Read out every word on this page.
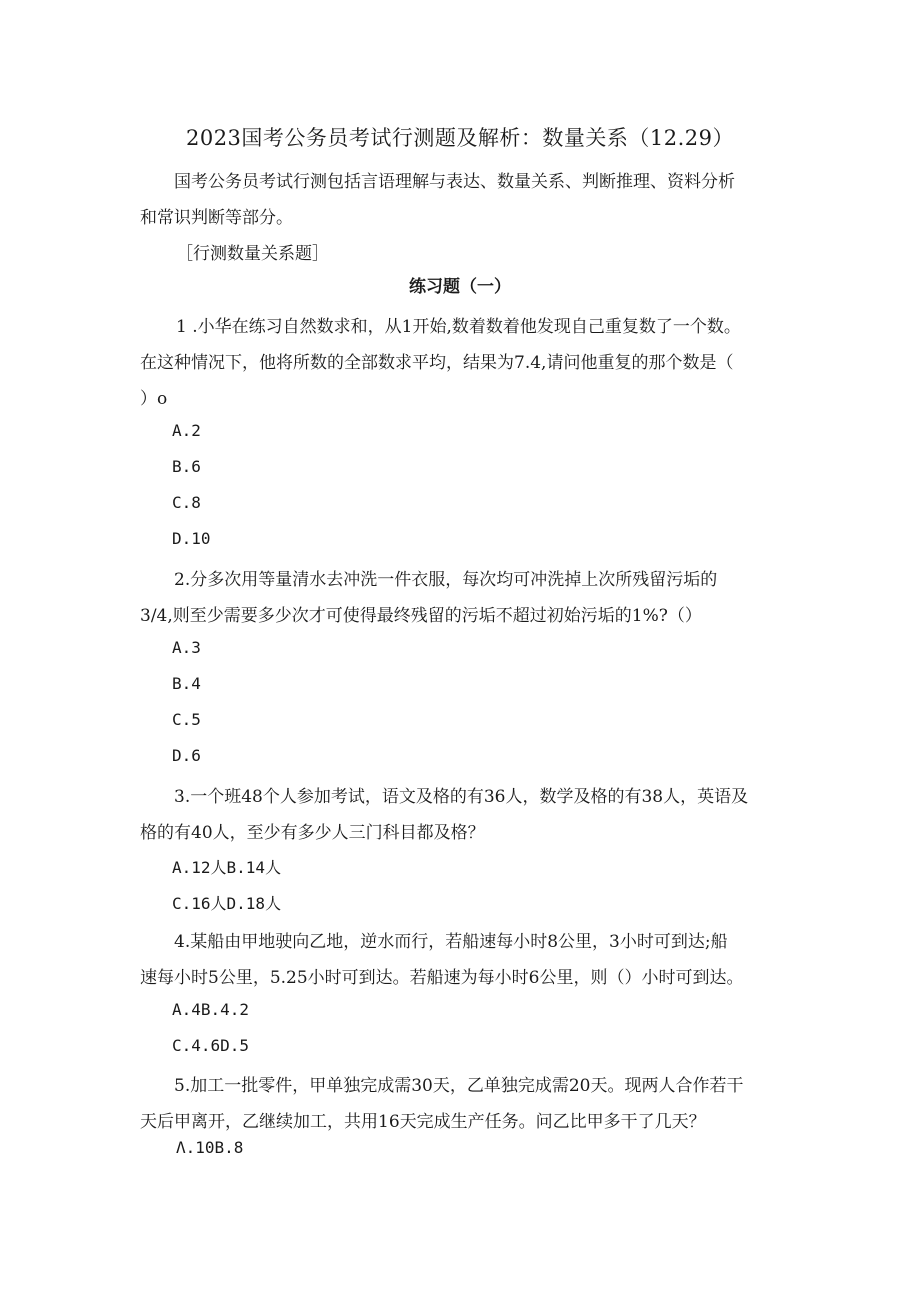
2023国考公务员考试行测题及解析：数量关系（12.29）
国考公务员考试行测包括言语理解与表达、数量关系、判断推理、资料分析
和常识判断等部分。
［行测数量关系题］
练习题（一）
1 .小华在练习自然数求和，从1开始,数着数着他发现自己重复数了一个数。
在这种情况下，他将所数的全部数求平均，结果为7.4,请问他重复的那个数是（
）o
A.2
B.6
C.8
D.10
2.分多次用等量清水去冲洗一件衣服，每次均可冲洗掉上次所残留污垢的
3/4,则至少需要多少次才可使得最终残留的污垢不超过初始污垢的1%?（）
A.3
B.4
C.5
D.6
3.一个班48个人参加考试，语文及格的有36人，数学及格的有38人，英语及
格的有40人，至少有多少人三门科目都及格？
A.12人B.14人
C.16人D.18人
4.某船由甲地驶向乙地，逆水而行，若船速每小时8公里，3小时可到达;船
速每小时5公里，5.25小时可到达。若船速为每小时6公里，则（）小时可到达。
A.4B.4.2
C.4.6D.5
5.加工一批零件，甲单独完成需30天，乙单独完成需20天。现两人合作若干
天后甲离开，乙继续加工，共用16天完成生产任务。问乙比甲多干了几天？
Λ.10B.8
